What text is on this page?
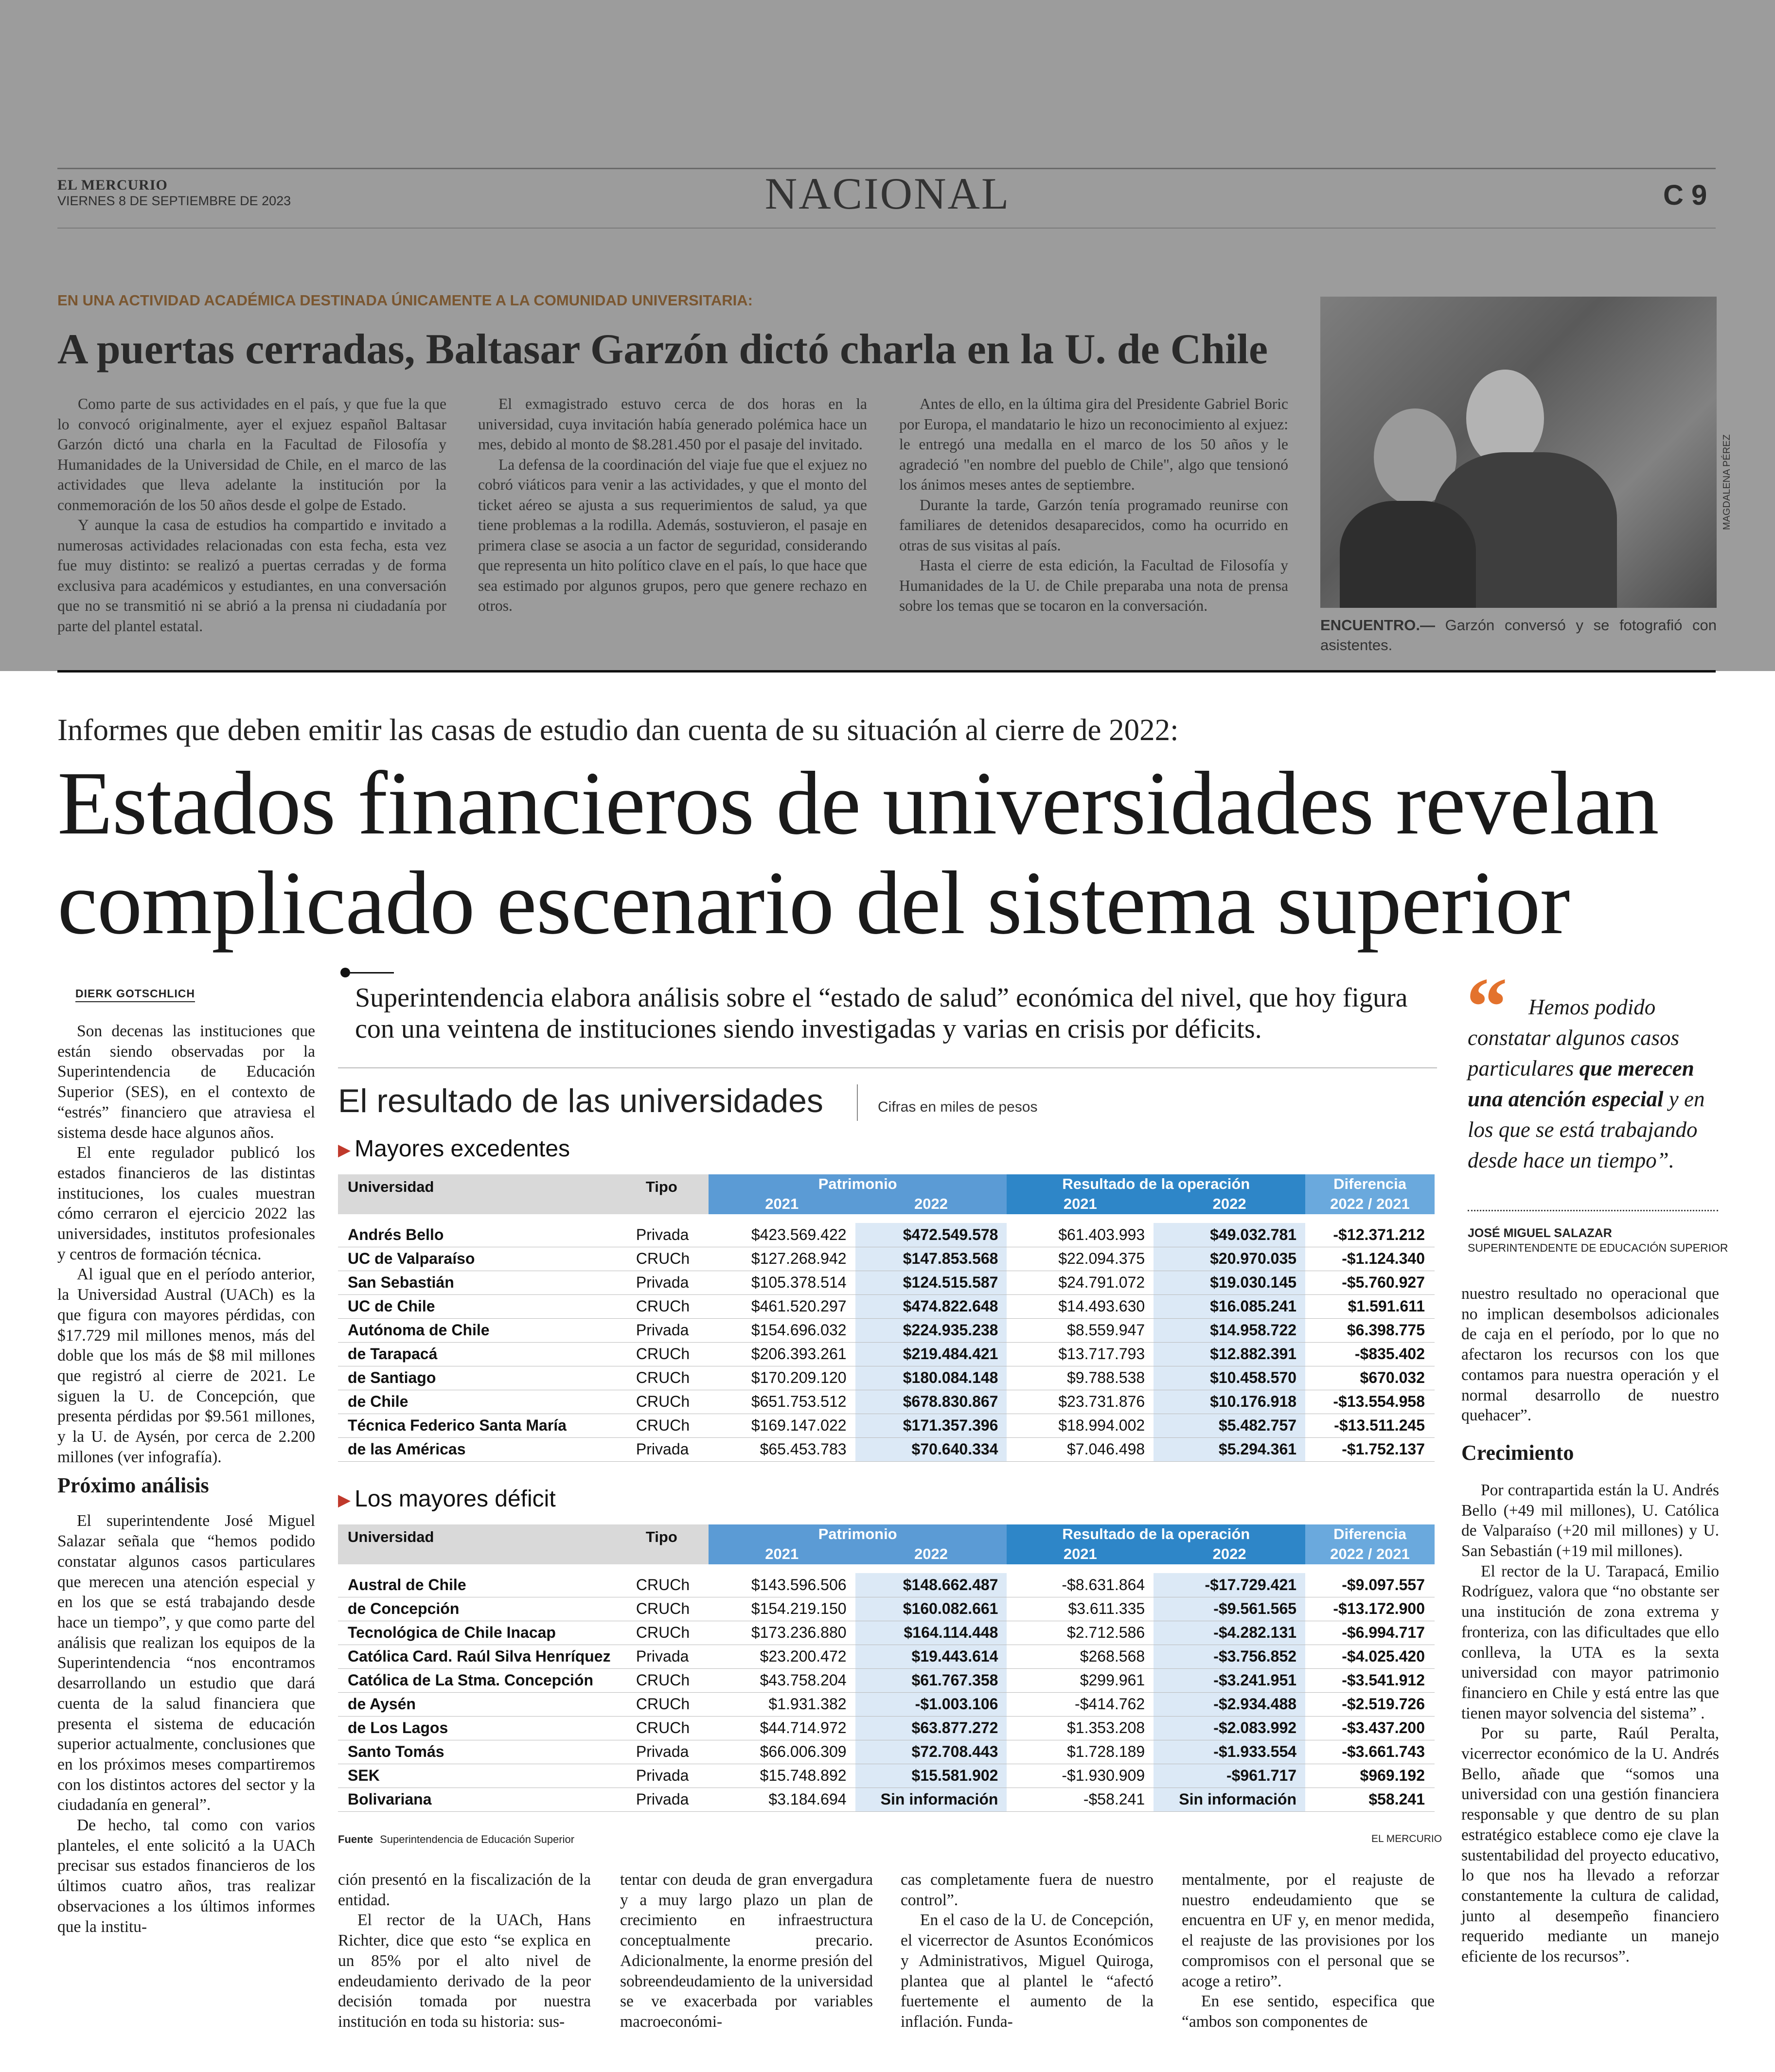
EL MERCURIO
VIERNES 8 DE SEPTIEMBRE DE 2023	NACIONAL	C 9
EN UNA ACTIVIDAD ACADÉMICA DESTINADA ÚNICAMENTE A LA COMUNIDAD UNIVERSITARIA:
A puertas cerradas, Baltasar Garzón dictó charla en la U. de Chile

Como parte de sus actividades en el país, y que fue la que lo convocó originalmente, ayer el exjuez español Baltasar Garzón dictó una charla en la Facultad de Filosofía y Humanidades de la Universidad de Chile, en el marco de las actividades que lleva adelante la institución por la conmemoración de los 50 años desde el golpe de Estado.

Y aunque la casa de estudios ha compartido e invitado a numerosas actividades relacionadas con esta fecha, esta vez fue muy distinto: se realizó a puertas cerradas y de forma exclusiva para académicos y estudiantes, en una conversación que no se transmitió ni se abrió a la prensa ni ciudadanía por parte del plantel estatal.

El exmagistrado estuvo cerca de dos horas en la universidad, cuya invitación había generado polémica hace un mes, debido al monto de $8.281.450 por el pasaje del invitado.

La defensa de la coordinación del viaje fue que el exjuez no cobró viáticos para venir a las actividades, y que el monto del ticket aéreo se ajusta a sus requerimientos de salud, ya que tiene problemas a la rodilla. Además, sostuvieron, el pasaje en primera clase se asocia a un factor de seguridad, considerando que representa un hito político clave en el país, lo que hace que sea estimado por algunos grupos, pero que genere rechazo en otros.

Antes de ello, en la última gira del Presidente Gabriel Boric por Europa, el mandatario le hizo un reconocimiento al exjuez: le entregó una medalla en el marco de los 50 años y le agradeció "en nombre del pueblo de Chile", algo que tensionó los ánimos meses antes de septiembre.

Durante la tarde, Garzón tenía programado reunirse con familiares de detenidos desaparecidos, como ha ocurrido en otras de sus visitas al país.

Hasta el cierre de esta edición, la Facultad de Filosofía y Humanidades de la U. de Chile preparaba una nota de prensa sobre los temas que se tocaron en la conversación.

MAGDALENA PÉREZ
ENCUENTRO.— Garzón conversó y se fotografió con asistentes.
Informes que deben emitir las casas de estudio dan cuenta de su situación al cierre de 2022:
Estados financieros de universidades revelan
complicado escenario del sistema superior
DIERK GOTSCHLICH

Son decenas las instituciones que están siendo observadas por la Superintendencia de Educación Superior (SES), en el contexto de “estrés” financiero que atraviesa el sistema desde hace algunos años.

El ente regulador publicó los estados financieros de las distintas instituciones, los cuales muestran cómo cerraron el ejercicio 2022 las universidades, institutos profesionales y centros de formación técnica.

Al igual que en el período anterior, la Universidad Austral (UACh) es la que figura con mayores pérdidas, con $17.729 mil millones menos, más del doble que los más de $8 mil millones que registró al cierre de 2021. Le siguen la U. de Concepción, que presenta pérdidas por $9.561 millones, y la U. de Aysén, por cerca de 2.200 millones (ver infografía).

Próximo análisis

El superintendente José Miguel Salazar señala que “hemos podido constatar algunos casos particulares que merecen una atención especial y en los que se está trabajando desde hace un tiempo”, y que como parte del análisis que realizan los equipos de la Superintendencia “nos encontramos desarrollando un estudio que dará cuenta de la salud financiera que presenta el sistema de educación superior actualmente, conclusiones que en los próximos meses compartiremos con los distintos actores del sector y la ciudadanía en general”.

De hecho, tal como con varios planteles, el ente solicitó a la UACh precisar sus estados financieros de los últimos cuatro años, tras realizar observaciones a los últimos informes que la institu-

Superintendencia elabora análisis sobre el “estado de salud” económica del nivel, que hoy figura con una veintena de instituciones siendo investigadas y varias en crisis por déficits.
El resultado de las universidades	Cifras en miles de pesos
▶ Mayores excedentes
Universidad	Tipo	Patrimonio		Resultado de la operación		Diferencia
		2021	2022	2021	2022	2022 / 2021

Andrés Bello	Privada	$423.569.422	$472.549.578	$61.403.993	$49.032.781	-$12.371.212
UC de Valparaíso	CRUCh	$127.268.942	$147.853.568	$22.094.375	$20.970.035	-$1.124.340
San Sebastián	Privada	$105.378.514	$124.515.587	$24.791.072	$19.030.145	-$5.760.927
UC de Chile	CRUCh	$461.520.297	$474.822.648	$14.493.630	$16.085.241	$1.591.611
Autónoma de Chile	Privada	$154.696.032	$224.935.238	$8.559.947	$14.958.722	$6.398.775
de Tarapacá	CRUCh	$206.393.261	$219.484.421	$13.717.793	$12.882.391	-$835.402
de Santiago	CRUCh	$170.209.120	$180.084.148	$9.788.538	$10.458.570	$670.032
de Chile	CRUCh	$651.753.512	$678.830.867	$23.731.876	$10.176.918	-$13.554.958
Técnica Federico Santa María	CRUCh	$169.147.022	$171.357.396	$18.994.002	$5.482.757	-$13.511.245
de las Américas	Privada	$65.453.783	$70.640.334	$7.046.498	$5.294.361	-$1.752.137
▶ Los mayores déficit
Universidad	Tipo	Patrimonio		Resultado de la operación		Diferencia
		2021	2022	2021	2022	2022 / 2021

Austral de Chile	CRUCh	$143.596.506	$148.662.487	-$8.631.864	-$17.729.421	-$9.097.557
de Concepción	CRUCh	$154.219.150	$160.082.661	$3.611.335	-$9.561.565	-$13.172.900
Tecnológica de Chile Inacap	CRUCh	$173.236.880	$164.114.448	$2.712.586	-$4.282.131	-$6.994.717
Católica Card. Raúl Silva Henríquez	Privada	$23.200.472	$19.443.614	$268.568	-$3.756.852	-$4.025.420
Católica de La Stma. Concepción	CRUCh	$43.758.204	$61.767.358	$299.961	-$3.241.951	-$3.541.912
de Aysén	CRUCh	$1.931.382	-$1.003.106	-$414.762	-$2.934.488	-$2.519.726
de Los Lagos	CRUCh	$44.714.972	$63.877.272	$1.353.208	-$2.083.992	-$3.437.200
Santo Tomás	Privada	$66.006.309	$72.708.443	$1.728.189	-$1.933.554	-$3.661.743
SEK	Privada	$15.748.892	$15.581.902	-$1.930.909	-$961.717	$969.192
Bolivariana	Privada	$3.184.694	Sin información	-$58.241	Sin información	$58.241
Fuente Superintendencia de Educación Superior	EL MERCURIO

ción presentó en la fiscalización de la entidad.

El rector de la UACh, Hans Richter, dice que esto “se explica en un 85% por el alto nivel de endeudamiento derivado de la peor decisión tomada por nuestra institución en toda su historia: sus-

tentar con deuda de gran envergadura y a muy largo plazo un plan de crecimiento en infraestructura conceptualmente precario. Adicionalmente, la enorme presión del sobreendeudamiento de la universidad se ve exacerbada por variables macroeconómi-

cas completamente fuera de nuestro control”.

En el caso de la U. de Concepción, el vicerrector de Asuntos Económicos y Administrativos, Miguel Quiroga, plantea que al plantel le “afectó fuertemente el aumento de la inflación. Funda-

mentalmente, por el reajuste de nuestro endeudamiento que se encuentra en UF y, en menor medida, el reajuste de las provisiones por los compromisos con el personal que se acoge a retiro”.

En ese sentido, especifica que “ambos son componentes de

“ Hemos podido constatar algunos casos particulares que merecen una atención especial y en los que se está trabajando desde hace un tiempo”.
JOSÉ MIGUEL SALAZAR
SUPERINTENDENTE DE EDUCACIÓN SUPERIOR

nuestro resultado no operacional que no implican desembolsos adicionales de caja en el período, por lo que no afectaron los recursos con los que contamos para nuestra operación y el normal desarrollo de nuestro quehacer”.

Crecimiento

Por contrapartida están la U. Andrés Bello (+49 mil millones), U. Católica de Valparaíso (+20 mil millones) y U. San Sebastián (+19 mil millones).

El rector de la U. Tarapacá, Emilio Rodríguez, valora que “no obstante ser una institución de zona extrema y fronteriza, con las dificultades que ello conlleva, la UTA es la sexta universidad con mayor patrimonio financiero en Chile y está entre las que tienen mayor solvencia del sistema” .

Por su parte, Raúl Peralta, vicerrector económico de la U. Andrés Bello, añade que “somos una universidad con una gestión financiera responsable y que dentro de su plan estratégico establece como eje clave la sustentabilidad del proyecto educativo, lo que nos ha llevado a reforzar constantemente la cultura de calidad, junto al desempeño financiero requerido mediante un manejo eficiente de los recursos”.
